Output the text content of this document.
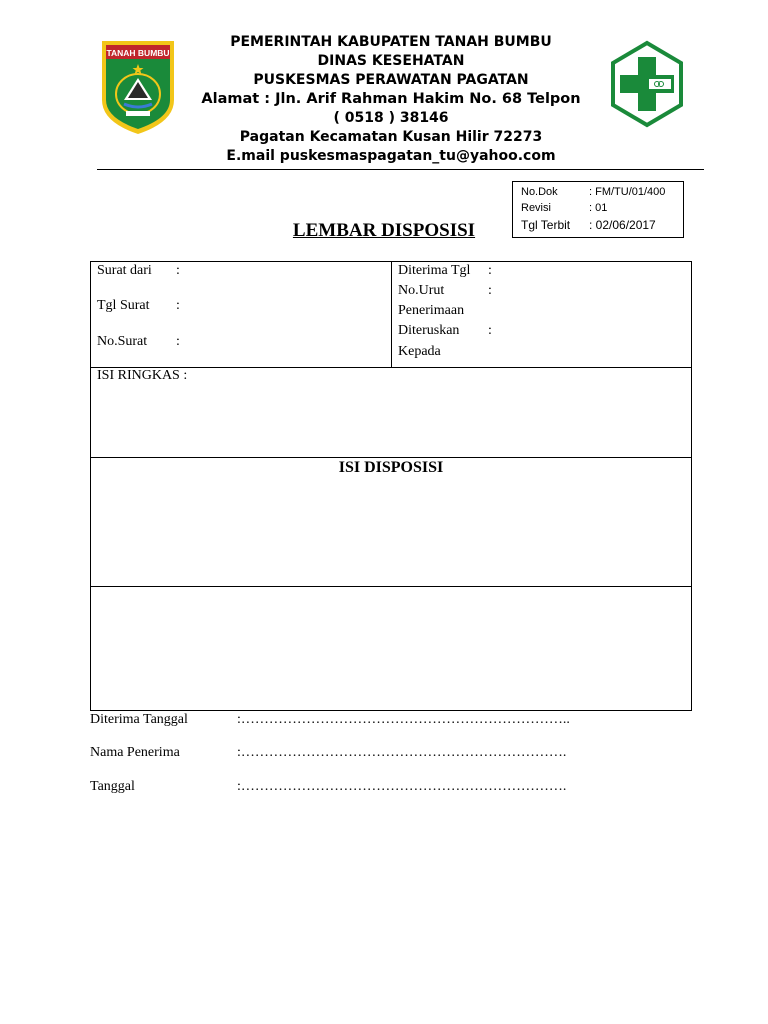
TANAH BUMBU
PEMERINTAH KABUPATEN TANAH BUMBU
DINAS KESEHATAN
PUSKESMAS PERAWATAN PAGATAN
Alamat : Jln. Arif Rahman Hakim No. 68 Telpon
( 0518 ) 38146
Pagatan Kecamatan Kusan Hilir 72273
E.mail puskesmaspagatan_tu@yahoo.com
No.Dok	: FM/TU/01/400
Revisi	: 01
Tgl Terbit : 02/06/2017
LEMBAR DISPOSISI
Surat dari :
Tgl Surat :
No.Surat :
Diterima Tgl :
No.Urut	:
Penerimaan
Diteruskan :
Kepada
ISI RINGKAS :
ISI DISPOSISI
Diterima Tanggal	:……………………………………………………………..
Nama Penerima	:…………………………………………………………….
Tanggal	:…………………………………………………………….
